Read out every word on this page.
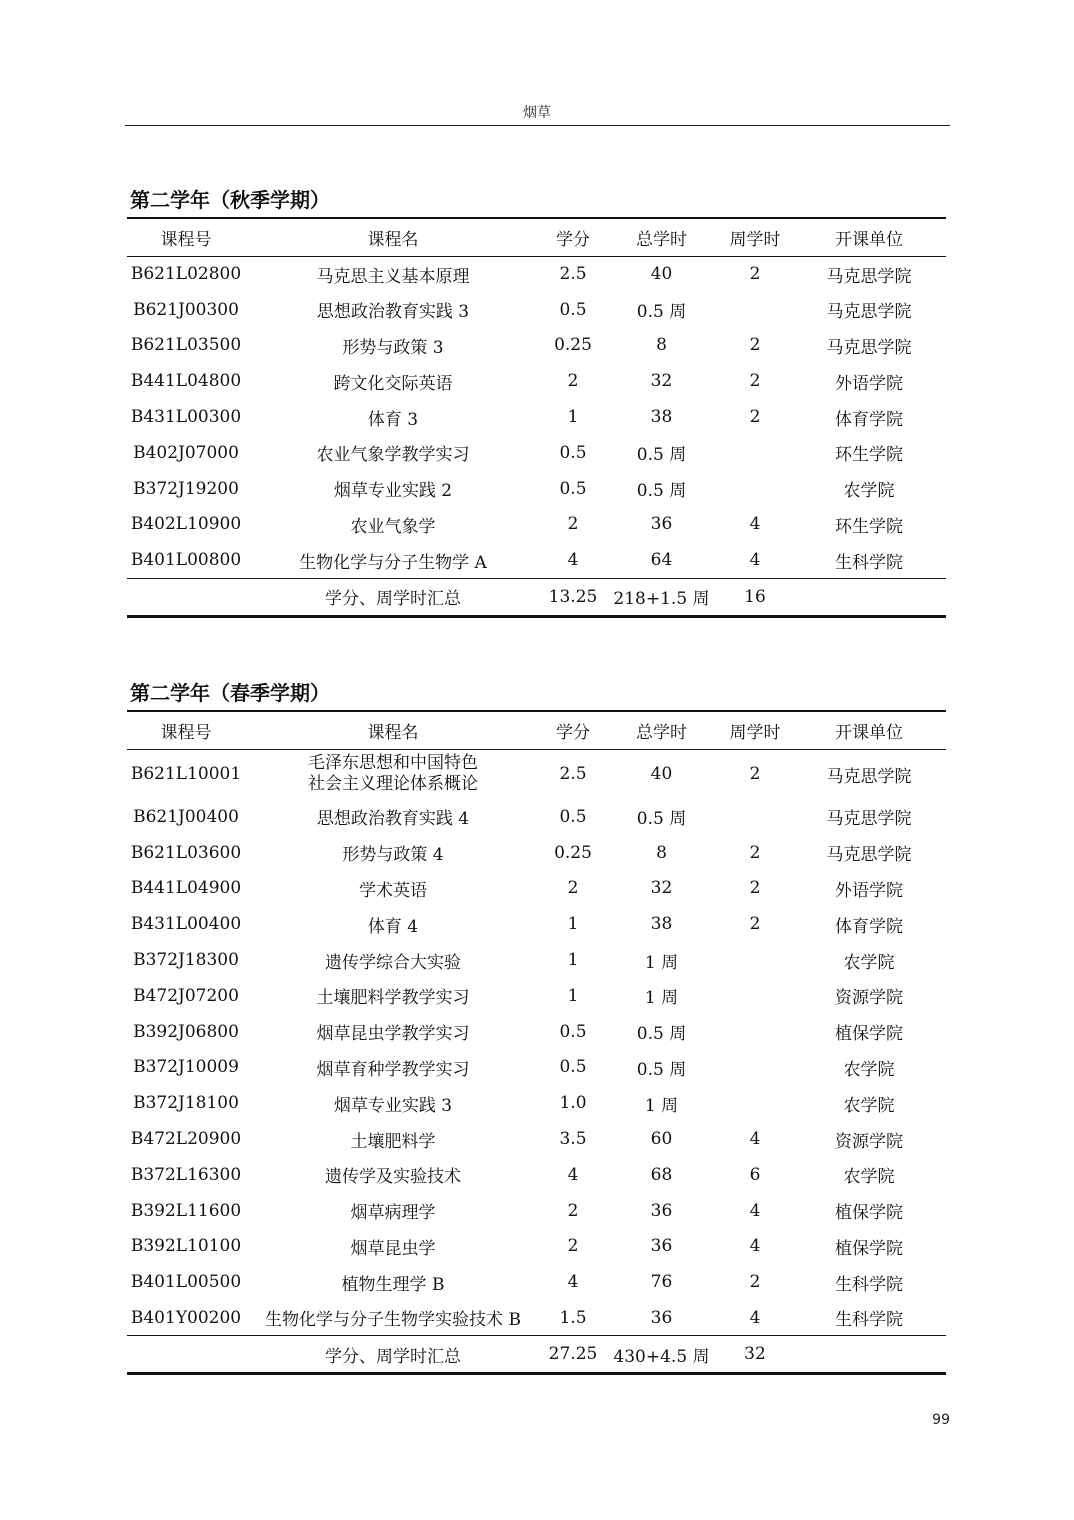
烟草
第二学年（秋季学期）
课程号	课程名	学分	总学时	周学时	开课单位
B621L02800	马克思主义基本原理	2.5	40	2	马克思学院
B621J00300	思想政治教育实践 3	0.5	0.5 周		马克思学院
B621L03500	形势与政策 3	0.25	8	2	马克思学院
B441L04800	跨文化交际英语	2	32	2	外语学院
B431L00300	体育 3	1	38	2	体育学院
B402J07000	农业气象学教学实习	0.5	0.5 周		环生学院
B372J19200	烟草专业实践 2	0.5	0.5 周		农学院
B402L10900	农业气象学	2	36	4	环生学院
B401L00800	生物化学与分子生物学 A	4	64	4	生科学院
	学分、周学时汇总	13.25	218+1.5 周	16	
第二学年（春季学期）
课程号	课程名	学分	总学时	周学时	开课单位
B621L10001	毛泽东思想和中国特色
社会主义理论体系概论	2.5	40	2	马克思学院
B621J00400	思想政治教育实践 4	0.5	0.5 周		马克思学院
B621L03600	形势与政策 4	0.25	8	2	马克思学院
B441L04900	学术英语	2	32	2	外语学院
B431L00400	体育 4	1	38	2	体育学院
B372J18300	遗传学综合大实验	1	1 周		农学院
B472J07200	土壤肥料学教学实习	1	1 周		资源学院
B392J06800	烟草昆虫学教学实习	0.5	0.5 周		植保学院
B372J10009	烟草育种学教学实习	0.5	0.5 周		农学院
B372J18100	烟草专业实践 3	1.0	1 周		农学院
B472L20900	土壤肥料学	3.5	60	4	资源学院
B372L16300	遗传学及实验技术	4	68	6	农学院
B392L11600	烟草病理学	2	36	4	植保学院
B392L10100	烟草昆虫学	2	36	4	植保学院
B401L00500	植物生理学 B	4	76	2	生科学院
B401Y00200	生物化学与分子生物学实验技术 B	1.5	36	4	生科学院
	学分、周学时汇总	27.25	430+4.5 周	32	
99
